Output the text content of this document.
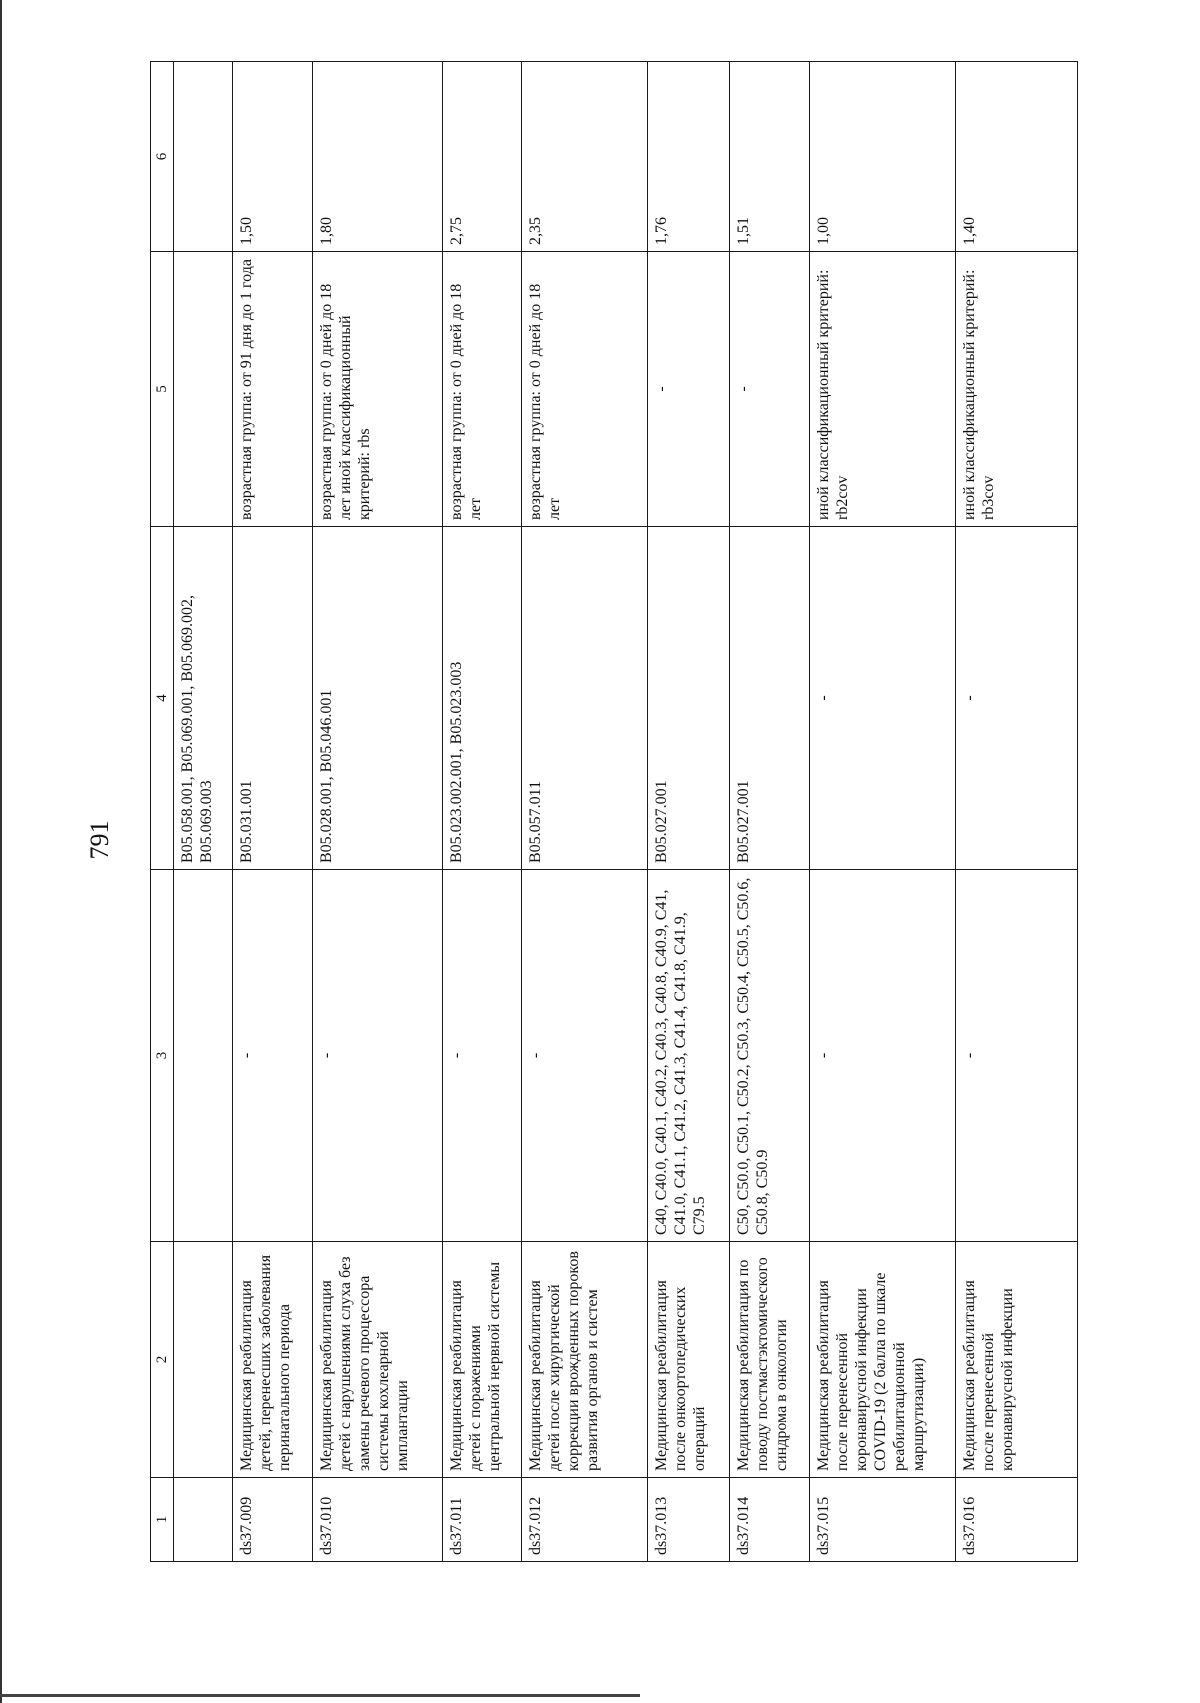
791
1	2	3	4	5	6
			B05.058.001, B05.069.001, B05.069.002, B05.069.003		
ds37.009	Медицинская реабилитация детей, перенесших заболевания перинатального периода	-	B05.031.001	возрастная группа: от 91 дня до 1 года	1,50
ds37.010	Медицинская реабилитация детей с нарушениями слуха без замены речевого процессора системы кохлеарной имплантации	-	B05.028.001, B05.046.001	возрастная группа: от 0 дней до 18 лет иной классификационный критерий: rbs	1,80
ds37.011	Медицинская реабилитация детей с поражениями центральной нервной системы	-	B05.023.002.001, B05.023.003	возрастная группа: от 0 дней до 18 лет	2,75
ds37.012	Медицинская реабилитация детей после хирургической коррекции врожденных пороков развития органов и систем	-	B05.057.011	возрастная группа: от 0 дней до 18 лет	2,35
ds37.013	Медицинская реабилитация после онкоортопедических операций	C40, C40.0, C40.1, C40.2, C40.3, C40.8, C40.9, C41, C41.0, C41.1, C41.2, C41.3, C41.4, C41.8, C41.9, C79.5	B05.027.001	-	1,76
ds37.014	Медицинская реабилитация по поводу постмастэктомического синдрома в онкологии	C50, C50.0, C50.1, C50.2, C50.3, C50.4, C50.5, C50.6, C50.8, C50.9	B05.027.001	-	1,51
ds37.015	Медицинская реабилитация после перенесенной коронавирусной инфекции COVID-19 (2 балла по шкале реабилитационной маршрутизации)	-	-	иной классификационный критерий: rb2cov	1,00
ds37.016	Медицинская реабилитация после перенесенной коронавирусной инфекции	-	-	иной классификационный критерий: rb3cov	1,40
